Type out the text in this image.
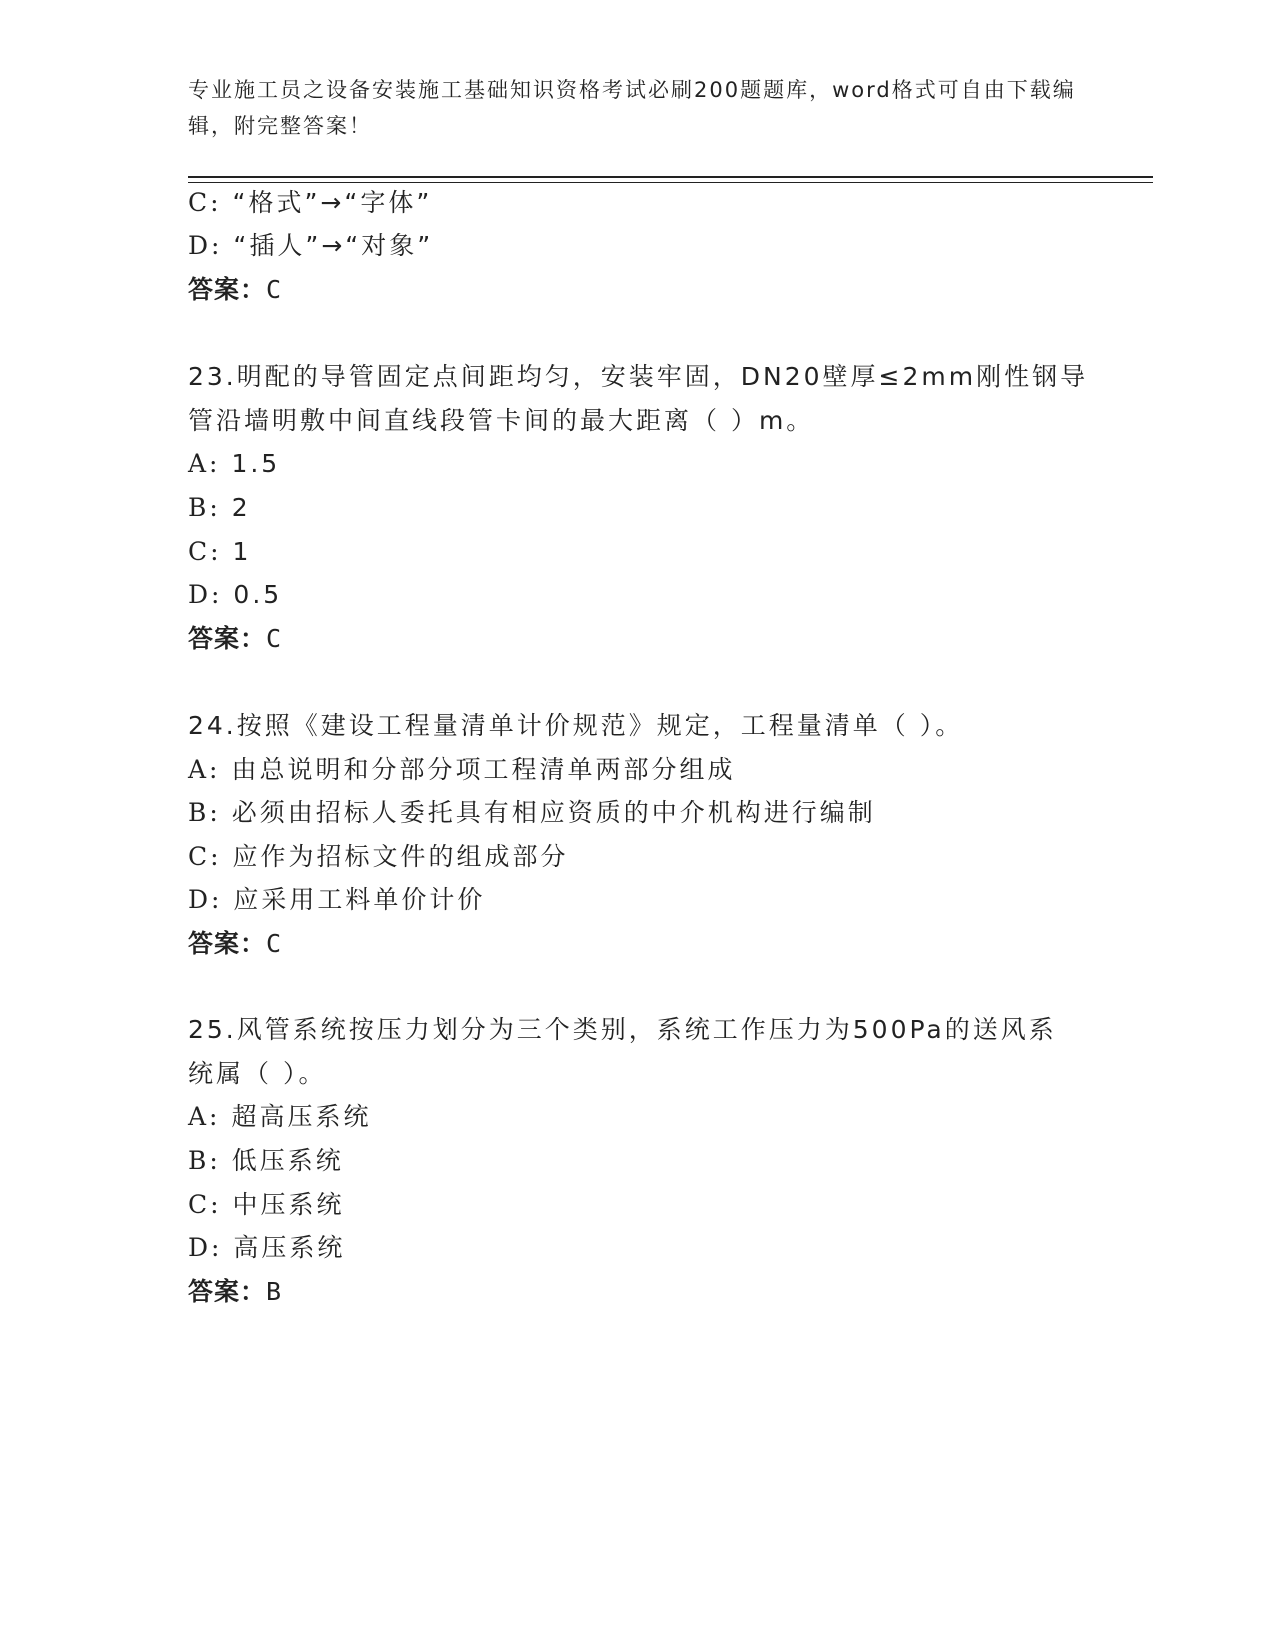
专业施工员之设备安装施工基础知识资格考试必刷200题题库，word格式可自由下载编辑，附完整答案！
C: “格式”→“字体”
D: “插人”→“对象”
答案：C
23.明配的导管固定点间距均匀，安装牢固，DN20壁厚≤2mm刚性钢导
管沿墙明敷中间直线段管卡间的最大距离（ ）m。
A: 1.5
B: 2
C: 1
D: 0.5
答案：C
24.按照《建设工程量清单计价规范》规定，工程量清单（ ）。
A: 由总说明和分部分项工程清单两部分组成
B: 必须由招标人委托具有相应资质的中介机构进行编制
C: 应作为招标文件的组成部分
D: 应采用工料单价计价
答案：C
25.风管系统按压力划分为三个类别，系统工作压力为500Pa的送风系
统属（ ）。
A: 超高压系统
B: 低压系统
C: 中压系统
D: 高压系统
答案：B
